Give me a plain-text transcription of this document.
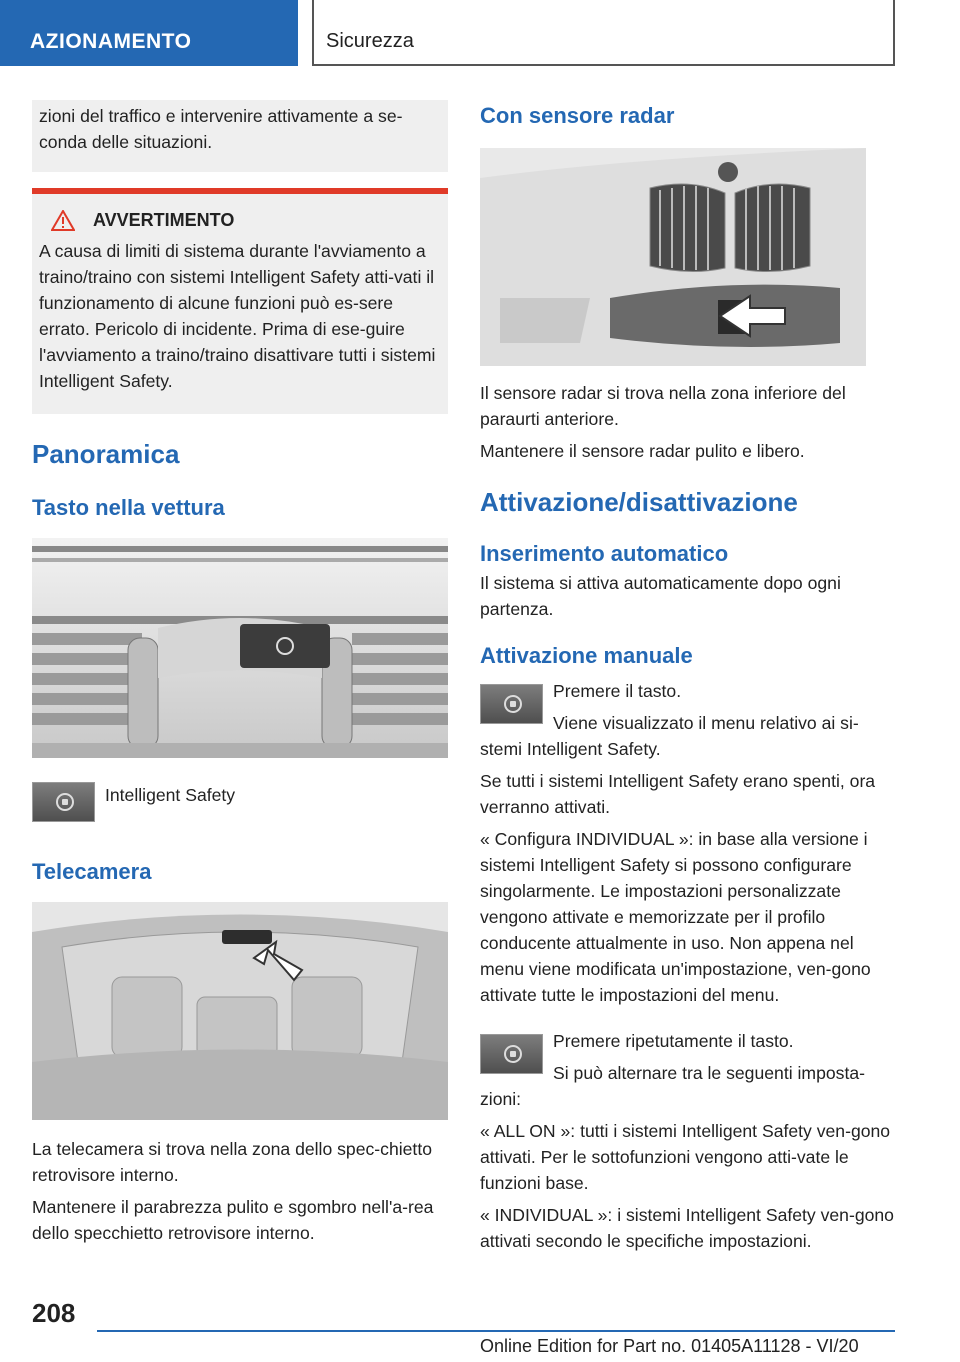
AZIONAMENTO	Sicurezza

zioni del traffico e intervenire attivamente a se-conda delle situazioni.

AVVERTIMENTO

A causa di limiti di sistema durante l'avviamento a traino/traino con sistemi Intelligent Safety atti-vati il funzionamento di alcune funzioni può es-sere errato. Pericolo di incidente. Prima di ese-guire l'avviamento a traino/traino disattivare tutti i sistemi Intelligent Safety.

Panoramica
Tasto nella vettura

Intelligent Safety

Telecamera

La telecamera si trova nella zona dello spec-chietto retrovisore interno.

Mantenere il parabrezza pulito e sgombro nell'a-rea dello specchietto retrovisore interno.

Con sensore radar

Il sensore radar si trova nella zona inferiore del paraurti anteriore.

Mantenere il sensore radar pulito e libero.

Attivazione/disattivazione
Inserimento automatico

Il sistema si attiva automaticamente dopo ogni partenza.

Attivazione manuale

Premere il tasto.

Viene visualizzato il menu relativo ai si-stemi Intelligent Safety.

Se tutti i sistemi Intelligent Safety erano spenti, ora verranno attivati.

« Configura INDIVIDUAL »: in base alla versione i sistemi Intelligent Safety si possono configurare singolarmente. Le impostazioni personalizzate vengono attivate e memorizzate per il profilo conducente attualmente in uso. Non appena nel menu viene modificata un'impostazione, ven-gono attivate tutte le impostazioni del menu.

Premere ripetutamente il tasto.

Si può alternare tra le seguenti imposta-zioni:

« ALL ON »: tutti i sistemi Intelligent Safety ven-gono attivati. Per le sottofunzioni vengono atti-vate le funzioni base.

« INDIVIDUAL »: i sistemi Intelligent Safety ven-gono attivati secondo le specifiche impostazioni.

208
Online Edition for Part no. 01405A11128 - VI/20
